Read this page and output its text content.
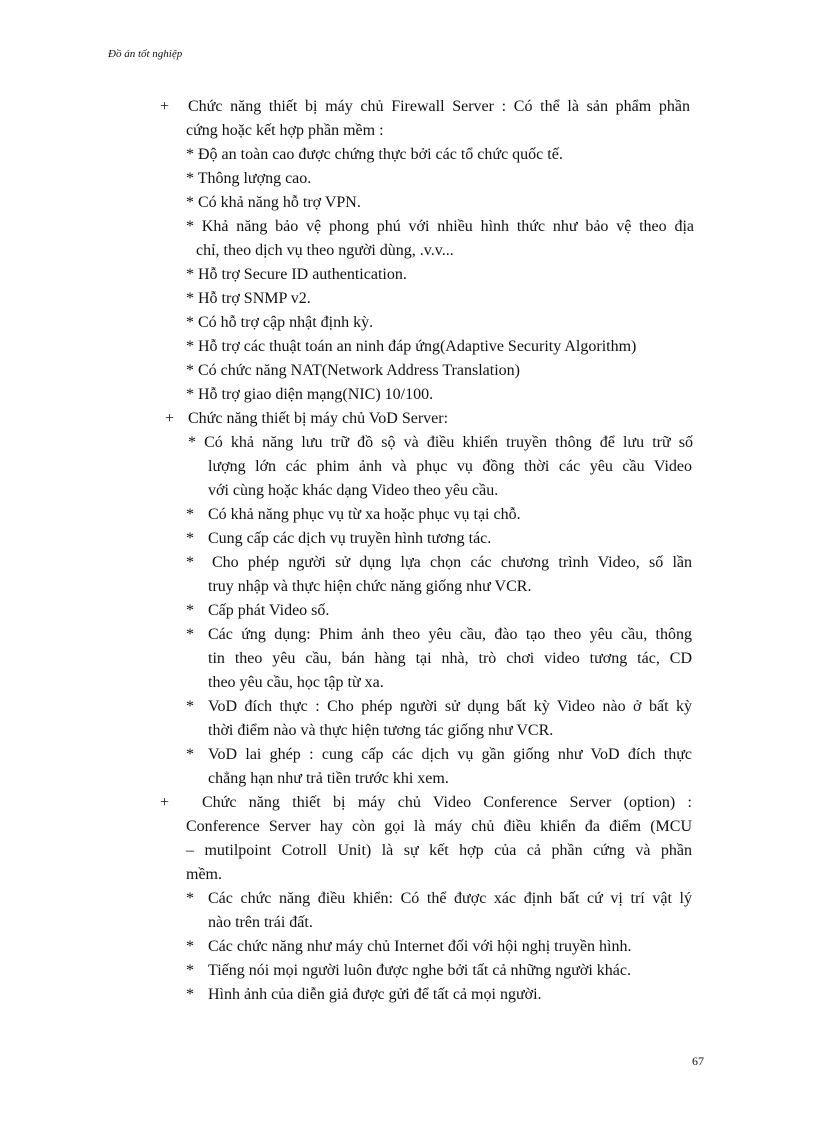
Đồ án tốt nghiệp
+ Chức năng thiết bị máy chủ Firewall Server : Có thể là sản phẩm phần
cứng hoặc kết hợp phần mềm :
* Độ an toàn cao được chứng thực bởi các tổ chức quốc tế.
* Thông lượng cao.
* Có khả năng hỗ trợ VPN.
* Khả năng bảo vệ phong phú với nhiều hình thức như bảo vệ theo địa
chỉ, theo dịch vụ theo người dùng, .v.v...
* Hỗ trợ Secure ID authentication.
* Hỗ trợ SNMP v2.
* Có hỗ trợ cập nhật định kỳ.
* Hỗ trợ các thuật toán an ninh đáp ứng(Adaptive Security Algorithm)
* Có chức năng NAT(Network Address Translation)
* Hỗ trợ giao diện mạng(NIC) 10/100.
+ Chức năng thiết bị máy chủ VoD Server:
* Có khả năng lưu trữ đồ sộ và điều khiển truyền thông để lưu trữ số
lượng lớn các phim ảnh và phục vụ đồng thời các yêu cầu Video
với cùng hoặc khác dạng Video theo yêu cầu.
* Có khả năng phục vụ từ xa hoặc phục vụ tại chỗ.
* Cung cấp các dịch vụ truyền hình tương tác.
* Cho phép người sử dụng lựa chọn các chương trình Video, số lần
truy nhập và thực hiện chức năng giống như VCR.
* Cấp phát Video số.
* Các ứng dụng: Phim ảnh theo yêu cầu, đào tạo theo yêu cầu, thông
tin theo yêu cầu, bán hàng tại nhà, trò chơi video tương tác, CD
theo yêu cầu, học tập từ xa.
* VoD đích thực : Cho phép người sử dụng bất kỳ Video nào ở bất kỳ
thời điểm nào và thực hiện tương tác giống như VCR.
* VoD lai ghép : cung cấp các dịch vụ gần giống như VoD đích thực
chẳng hạn như trả tiền trước khi xem.
+ Chức năng thiết bị máy chủ Video Conference Server (option) :
Conference Server hay còn gọi là máy chủ điều khiển đa điểm (MCU
– mutilpoint Cotroll Unit) là sự kết hợp của cả phần cứng và phần
mềm.
* Các chức năng điều khiển: Có thể được xác định bất cứ vị trí vật lý
nào trên trái đất.
* Các chức năng như máy chủ Internet đối với hội nghị truyền hình.
* Tiếng nói mọi người luôn được nghe bởi tất cả những người khác.
* Hình ảnh của diễn giả được gửi để tất cả mọi người.
67
